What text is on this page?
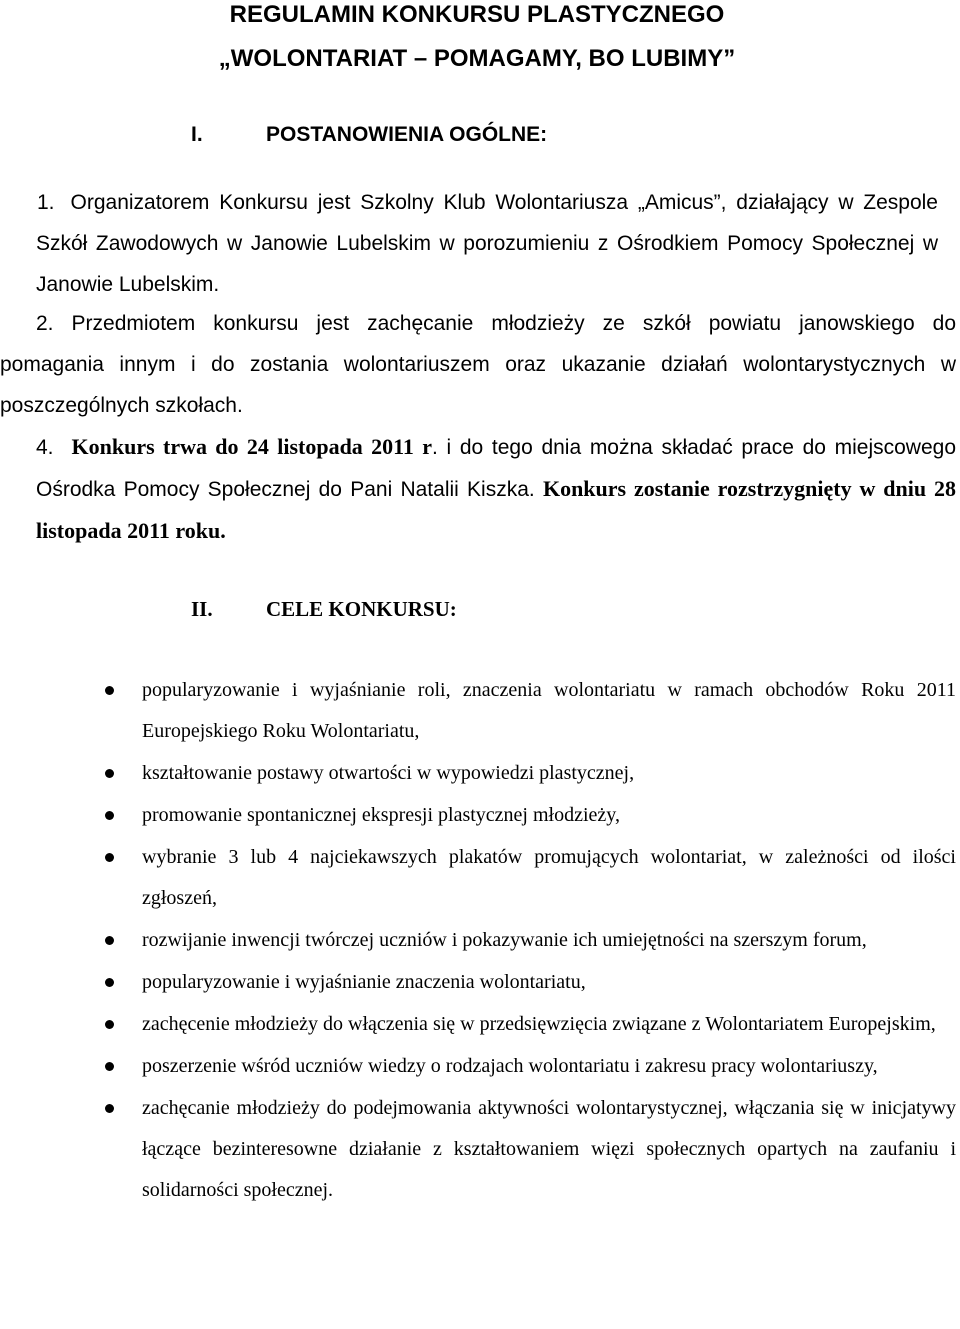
REGULAMIN KONKURSU PLASTYCZNEGO
„WOLONTARIAT – POMAGAMY, BO LUBIMY”
I.	POSTANOWIENIA OGÓLNE:

1. Organizatorem Konkursu jest Szkolny Klub Wolontariusza „Amicus”, działający w Zespole Szkół Zawodowych w Janowie Lubelskim w porozumieniu z Ośrodkiem Pomocy Społecznej w Janowie Lubelskim.

2. Przedmiotem konkursu jest zachęcanie młodzieży ze szkół powiatu janowskiego do pomagania innym i do zostania wolontariuszem oraz ukazanie działań wolontarystycznych w poszczególnych szkołach.

4. Konkurs trwa do 24 listopada 2011 r. i do tego dnia można składać prace do miejscowego Ośrodka Pomocy Społecznej do Pani Natalii Kiszka. Konkurs zostanie rozstrzygnięty w dniu 28 listopada 2011 roku.

II.	CELE KONKURSU:
popularyzowanie i wyjaśnianie roli, znaczenia wolontariatu w ramach obchodów Roku 2011 Europejskiego Roku Wolontariatu,
kształtowanie postawy otwartości w wypowiedzi plastycznej,
promowanie spontanicznej ekspresji plastycznej młodzieży,
wybranie 3 lub 4 najciekawszych plakatów promujących wolontariat, w zależności od ilości zgłoszeń,
rozwijanie inwencji twórczej uczniów i pokazywanie ich umiejętności na szerszym forum,
popularyzowanie i wyjaśnianie znaczenia wolontariatu,
zachęcenie młodzieży do włączenia się w przedsięwzięcia związane z Wolontariatem Europejskim,
poszerzenie wśród uczniów wiedzy o rodzajach wolontariatu i zakresu pracy wolontariuszy,
zachęcanie młodzieży do podejmowania aktywności wolontarystycznej, włączania się w inicjatywy łączące bezinteresowne działanie z kształtowaniem więzi społecznych opartych na zaufaniu i solidarności społecznej.
